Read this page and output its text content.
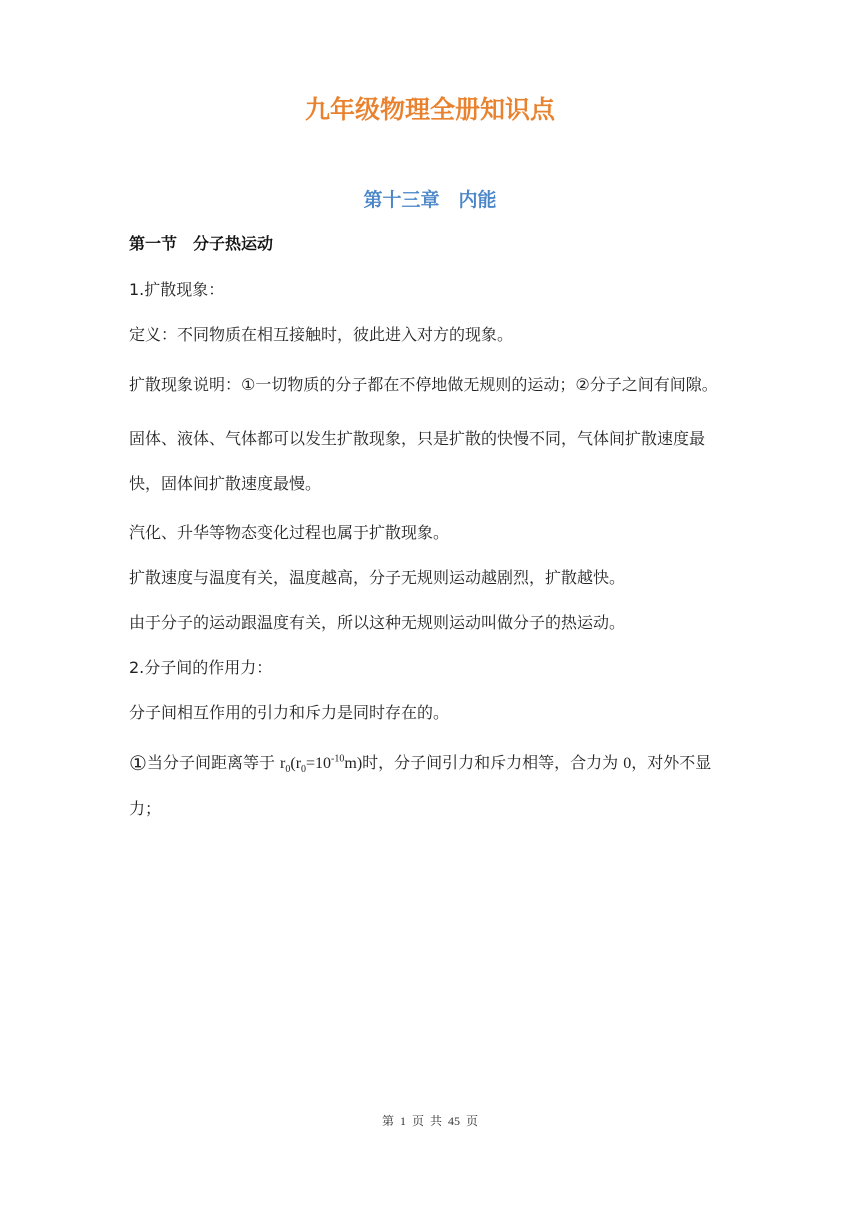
九年级物理全册知识点
第十三章　内能
第一节　分子热运动

1.扩散现象：

定义：不同物质在相互接触时，彼此进入对方的现象。

扩散现象说明：①一切物质的分子都在不停地做无规则的运动；②分子之间有间隙。

固体、液体、气体都可以发生扩散现象，只是扩散的快慢不同，气体间扩散速度最快，固体间扩散速度最慢。

汽化、升华等物态变化过程也属于扩散现象。

扩散速度与温度有关，温度越高，分子无规则运动越剧烈，扩散越快。

由于分子的运动跟温度有关，所以这种无规则运动叫做分子的热运动。

2.分子间的作用力：

分子间相互作用的引力和斥力是同时存在的。

①当分子间距离等于 $r_0(r_0=10^{-10}m)$时，分子间引力和斥力相等，合力为 0，对外不显力；

第 1 页 共 45 页
